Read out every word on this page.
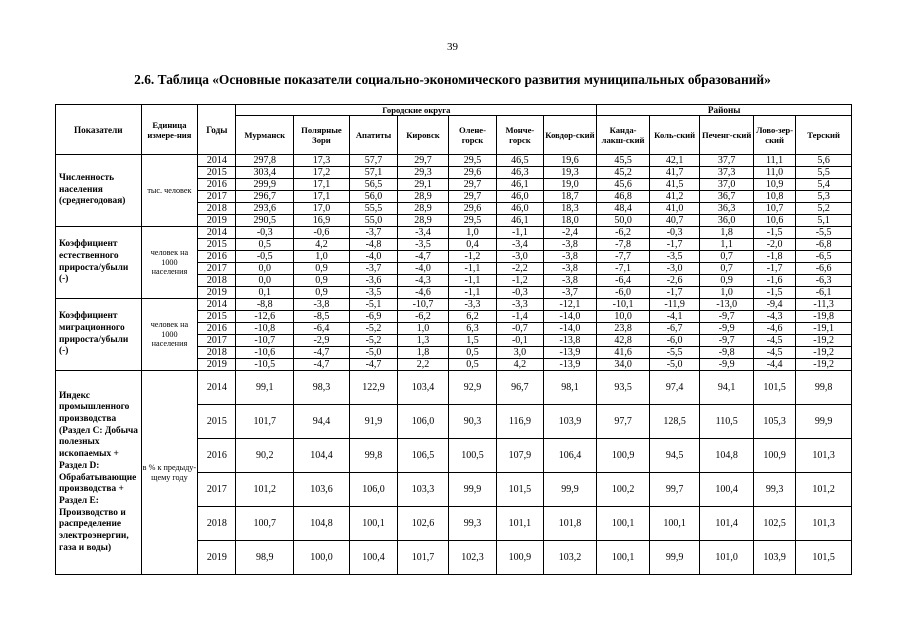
39
2.6. Таблица «Основные показатели социально-экономического развития муниципальных образований»
Показатели	Единица измере-ния	Годы	Городские округа							Районы				
			Мурманск	Полярные Зори	Апатиты	Кировск	Олене-горск	Мончe-горск	Ковдор-ский	Канда-лакш-ский	Коль-ский	Печенг-ский	Лово-зер-ский	Терский
Численность населения (среднегодовая)	тыс. человек	2014	297,8	17,3	57,7	29,7	29,5	46,5	19,6	45,5	42,1	37,7	11,1	5,6
		2015	303,4	17,2	57,1	29,3	29,6	46,3	19,3	45,2	41,7	37,3	11,0	5,5
		2016	299,9	17,1	56,5	29,1	29,7	46,1	19,0	45,6	41,5	37,0	10,9	5,4
		2017	296,7	17,1	56,0	28,9	29,7	46,0	18,7	46,8	41,2	36,7	10,8	5,3
		2018	293,6	17,0	55,5	28,9	29,6	46,0	18,3	48,4	41,0	36,3	10,7	5,2
		2019	290,5	16,9	55,0	28,9	29,5	46,1	18,0	50,0	40,7	36,0	10,6	5,1
Коэффициент естественного прироста/убыли (-)	человек на 1000 населения	2014	-0,3	-0,6	-3,7	-3,4	1,0	-1,1	-2,4	-6,2	-0,3	1,8	-1,5	-5,5
		2015	0,5	4,2	-4,8	-3,5	0,4	-3,4	-3,8	-7,8	-1,7	1,1	-2,0	-6,8
		2016	-0,5	1,0	-4,0	-4,7	-1,2	-3,0	-3,8	-7,7	-3,5	0,7	-1,8	-6,5
		2017	0,0	0,9	-3,7	-4,0	-1,1	-2,2	-3,8	-7,1	-3,0	0,7	-1,7	-6,6
		2018	0,0	0,9	-3,6	-4,3	-1,1	-1,2	-3,8	-6,4	-2,6	0,9	-1,6	-6,3
		2019	0,1	0,9	-3,5	-4,6	-1,1	-0,3	-3,7	-6,0	-1,7	1,0	-1,5	-6,1
Коэффициент миграционного прироста/убыли (-)	человек на 1000 населения	2014	-8,8	-3,8	-5,1	-10,7	-3,3	-3,3	-12,1	-10,1	-11,9	-13,0	-9,4	-11,3
		2015	-12,6	-8,5	-6,9	-6,2	6,2	-1,4	-14,0	10,0	-4,1	-9,7	-4,3	-19,8
		2016	-10,8	-6,4	-5,2	1,0	6,3	-0,7	-14,0	23,8	-6,7	-9,9	-4,6	-19,1
		2017	-10,7	-2,9	-5,2	1,3	1,5	-0,1	-13,8	42,8	-6,0	-9,7	-4,5	-19,2
		2018	-10,6	-4,7	-5,0	1,8	0,5	3,0	-13,9	41,6	-5,5	-9,8	-4,5	-19,2
		2019	-10,5	-4,7	-4,7	2,2	0,5	4,2	-13,9	34,0	-5,0	-9,9	-4,4	-19,2
Индекс промышленного производства (Раздел С: Добыча полезных ископаемых + Раздел D: Обрабатывающие производства + Раздел Е: Производство и распределение электроэнергии, газа и воды)	в % к предыду-щему году	2014	99,1	98,3	122,9	103,4	92,9	96,7	98,1	93,5	97,4	94,1	101,5	99,8
		2015	101,7	94,4	91,9	106,0	90,3	116,9	103,9	97,7	128,5	110,5	105,3	99,9
		2016	90,2	104,4	99,8	106,5	100,5	107,9	106,4	100,9	94,5	104,8	100,9	101,3
		2017	101,2	103,6	106,0	103,3	99,9	101,5	99,9	100,2	99,7	100,4	99,3	101,2
		2018	100,7	104,8	100,1	102,6	99,3	101,1	101,8	100,1	100,1	101,4	102,5	101,3
		2019	98,9	100,0	100,4	101,7	102,3	100,9	103,2	100,1	99,9	101,0	103,9	101,5
